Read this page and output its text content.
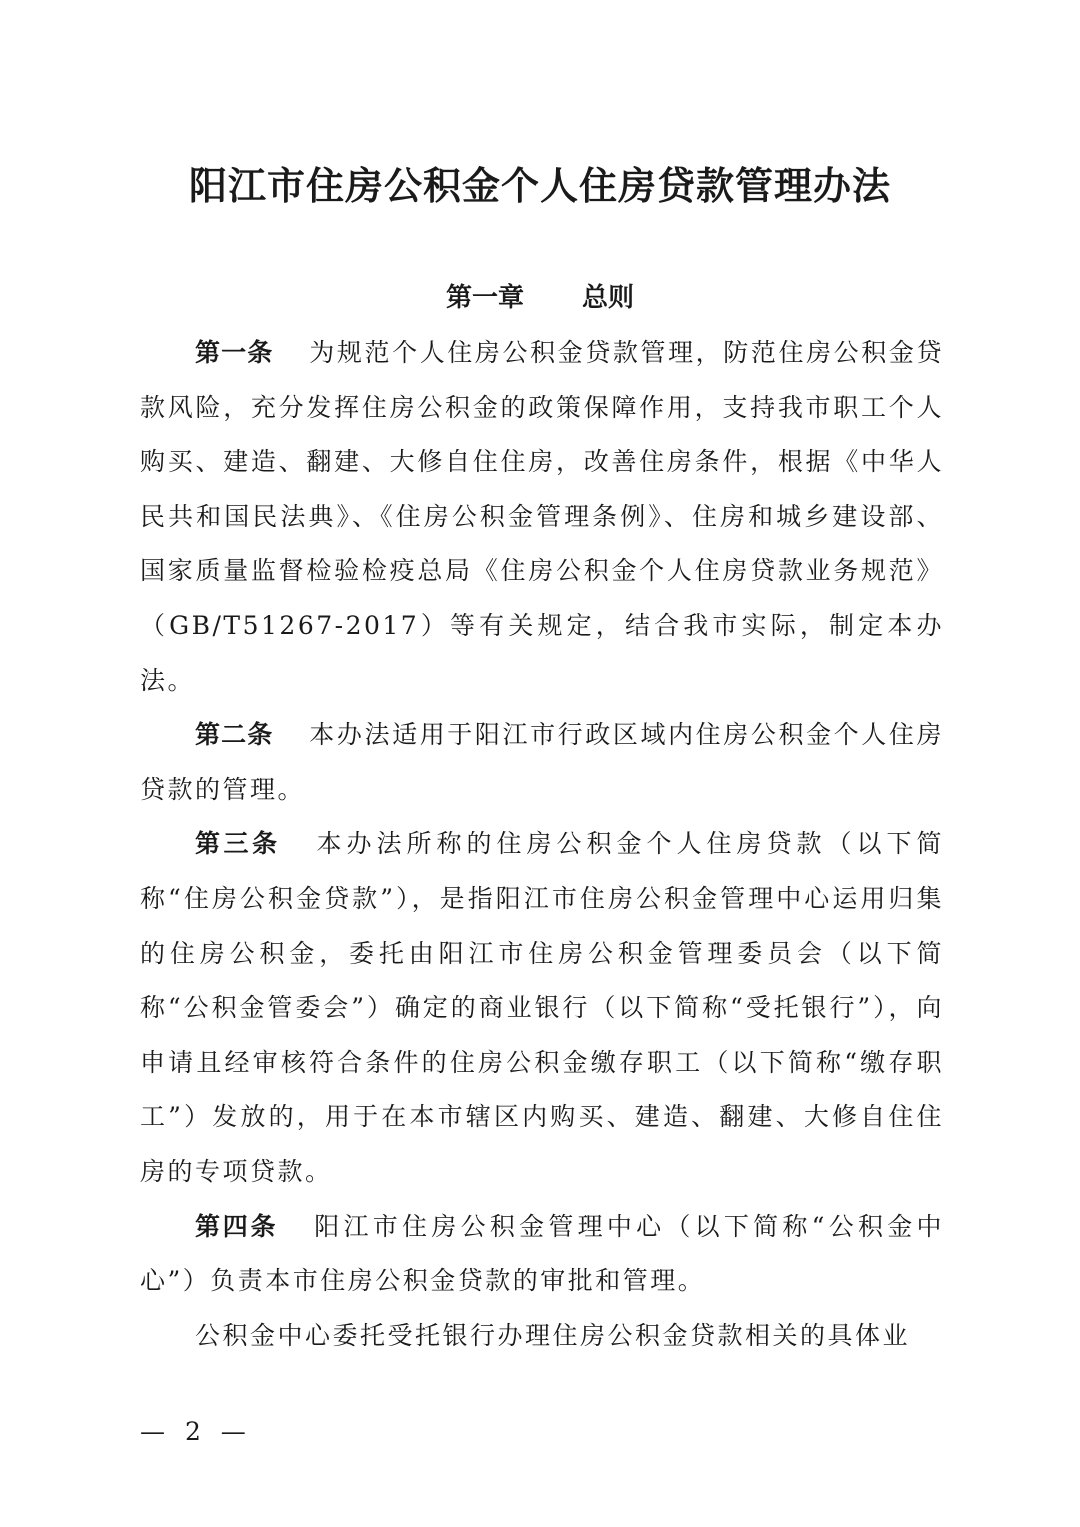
阳江市住房公积金个人住房贷款管理办法
第一章 总则

第一条 为规范个人住房公积金贷款管理，防范住房公积金贷款风险，充分发挥住房公积金的政策保障作用，支持我市职工个人购买、建造、翻建、大修自住住房，改善住房条件，根据《中华人民共和国民法典》、《住房公积金管理条例》、住房和城乡建设部、国家质量监督检验检疫总局《住房公积金个人住房贷款业务规范》（GB/T51267-2017）等有关规定，结合我市实际，制定本办法。

第二条 本办法适用于阳江市行政区域内住房公积金个人住房贷款的管理。

第三条 本办法所称的住房公积金个人住房贷款（以下简称“住房公积金贷款”），是指阳江市住房公积金管理中心运用归集的住房公积金，委托由阳江市住房公积金管理委员会（以下简称“公积金管委会”）确定的商业银行（以下简称“受托银行”），向申请且经审核符合条件的住房公积金缴存职工（以下简称“缴存职工”）发放的，用于在本市辖区内购买、建造、翻建、大修自住住房的专项贷款。

第四条 阳江市住房公积金管理中心（以下简称“公积金中心”）负责本市住房公积金贷款的审批和管理。

公积金中心委托受托银行办理住房公积金贷款相关的具体业

— 2 —
